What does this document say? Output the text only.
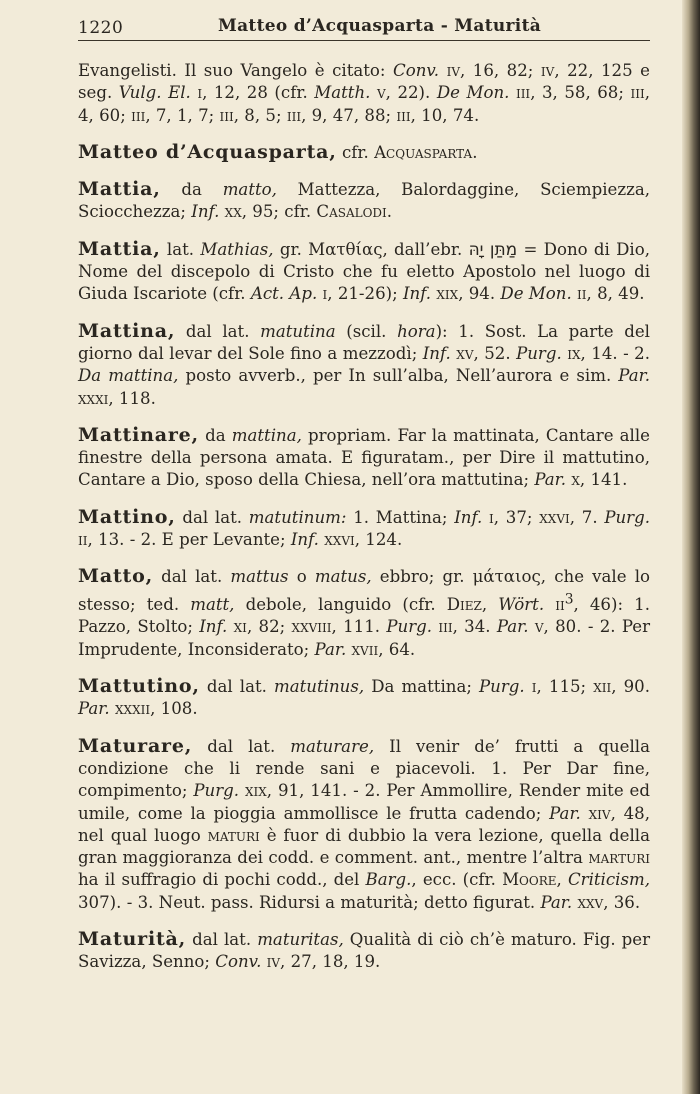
1220	Matteo d’Acquasparta - Maturità

Evangelisti. Il suo Vangelo è citato: Conv. iv, 16, 82; iv, 22, 125 e seg. Vulg. El. i, 12, 28 (cfr. Matth. v, 22). De Mon. iii, 3, 58, 68; iii, 4, 60; iii, 7, 1, 7; iii, 8, 5; iii, 9, 47, 88; iii, 10, 74.

Matteo d’Acquasparta, cfr. Acquasparta.

Mattia, da matto, Mattezza, Balordaggine, Sciempiezza, Sciocchezza; Inf. xx, 95; cfr. Casalodi.

Mattia, lat. Mathias, gr. Ματθίας, dall’ebr. מַתַּן יָהּ = Dono di Dio, Nome del discepolo di Cristo che fu eletto Apostolo nel luogo di Giuda Iscariote (cfr. Act. Ap. i, 21-26); Inf. xix, 94. De Mon. ii, 8, 49.

Mattina, dal lat. matutina (scil. hora): 1. Sost. La parte del giorno dal levar del Sole fino a mezzodì; Inf. xv, 52. Purg. ix, 14. - 2. Da mattina, posto avverb., per In sull’alba, Nell’aurora e sim. Par. xxxi, 118.

Mattinare, da mattina, propriam. Far la mattinata, Cantare alle finestre della persona amata. E figuratam., per Dire il mattutino, Cantare a Dio, sposo della Chiesa, nell’ora mattutina; Par. x, 141.

Mattino, dal lat. matutinum: 1. Mattina; Inf. i, 37; xxvi, 7. Purg. ii, 13. - 2. E per Levante; Inf. xxvi, 124.

Matto, dal lat. mattus o matus, ebbro; gr. μάταιος, che vale lo stesso; ted. matt, debole, languido (cfr. Diez, Wört. $ii^3$, 46): 1. Pazzo, Stolto; Inf. xi, 82; xxviii, 111. Purg. iii, 34. Par. v, 80. - 2. Per Imprudente, Inconsiderato; Par. xvii, 64.

Mattutino, dal lat. matutinus, Da mattina; Purg. i, 115; xii, 90. Par. xxxii, 108.

Maturare, dal lat. maturare, Il venir de’ frutti a quella condizione che li rende sani e piacevoli. 1. Per Dar fine, compimento; Purg. xix, 91, 141. - 2. Per Ammollire, Render mite ed umile, come la pioggia ammollisce le frutta cadendo; Par. xiv, 48, nel qual luogo maturi è fuor di dubbio la vera lezione, quella della gran maggioranza dei codd. e comment. ant., mentre l’altra marturi ha il suffragio di pochi codd., del Barg., ecc. (cfr. Moore, Criticism, 307). - 3. Neut. pass. Ridursi a maturità; detto figurat. Par. xxv, 36.

Maturità, dal lat. maturitas, Qualità di ciò ch’è maturo. Fig. per Savizza, Senno; Conv. iv, 27, 18, 19.
